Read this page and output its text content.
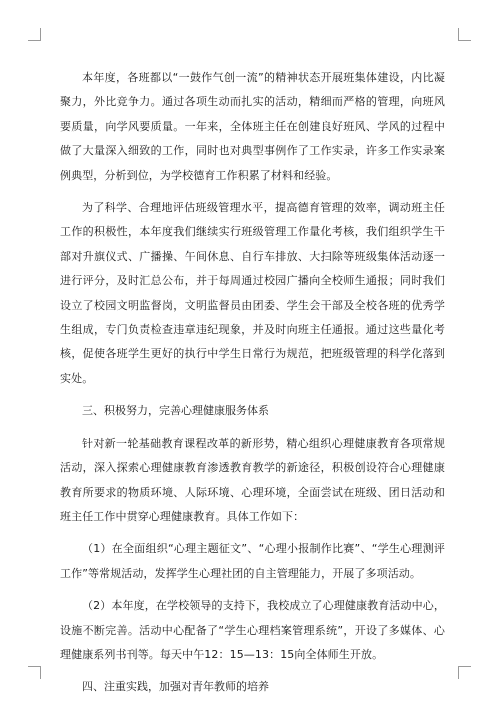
本年度，各班都以“一鼓作气创一流”的精神状态开展班集体建设，内比凝聚力，外比竞争力。通过各项生动而扎实的活动，精细而严格的管理，向班风要质量，向学风要质量。一年来，全体班主任在创建良好班风、学风的过程中做了大量深入细致的工作，同时也对典型事例作了工作实录，许多工作实录案例典型，分析到位，为学校德育工作积累了材料和经验。

为了科学、合理地评估班级管理水平，提高德育管理的效率，调动班主任工作的积极性，本年度我们继续实行班级管理工作量化考核，我们组织学生干部对升旗仪式、广播操、午间休息、自行车排放、大扫除等班级集体活动逐一进行评分，及时汇总公布，并于每周通过校园广播向全校师生通报；同时我们设立了校园文明监督岗，文明监督员由团委、学生会干部及全校各班的优秀学生组成，专门负责检查违章违纪现象，并及时向班主任通报。通过这些量化考核，促使各班学生更好的执行中学生日常行为规范，把班级管理的科学化落到实处。

三、积极努力，完善心理健康服务体系

针对新一轮基础教育课程改革的新形势，精心组织心理健康教育各项常规活动，深入探索心理健康教育渗透教育教学的新途径，积极创设符合心理健康教育所要求的物质环境、人际环境、心理环境，全面尝试在班级、团日活动和班主任工作中贯穿心理健康教育。具体工作如下：

（1）在全面组织“心理主题征文”、“心理小报制作比赛”、“学生心理测评工作”等常规活动，发挥学生心理社团的自主管理能力，开展了多项活动。

（2）本年度，在学校领导的支持下，我校成立了心理健康教育活动中心，设施不断完善。活动中心配备了“学生心理档案管理系统”，开设了多媒体、心理健康系列书刊等。每天中午12：15—13：15向全体师生开放。

四、注重实践，加强对青年教师的培养
